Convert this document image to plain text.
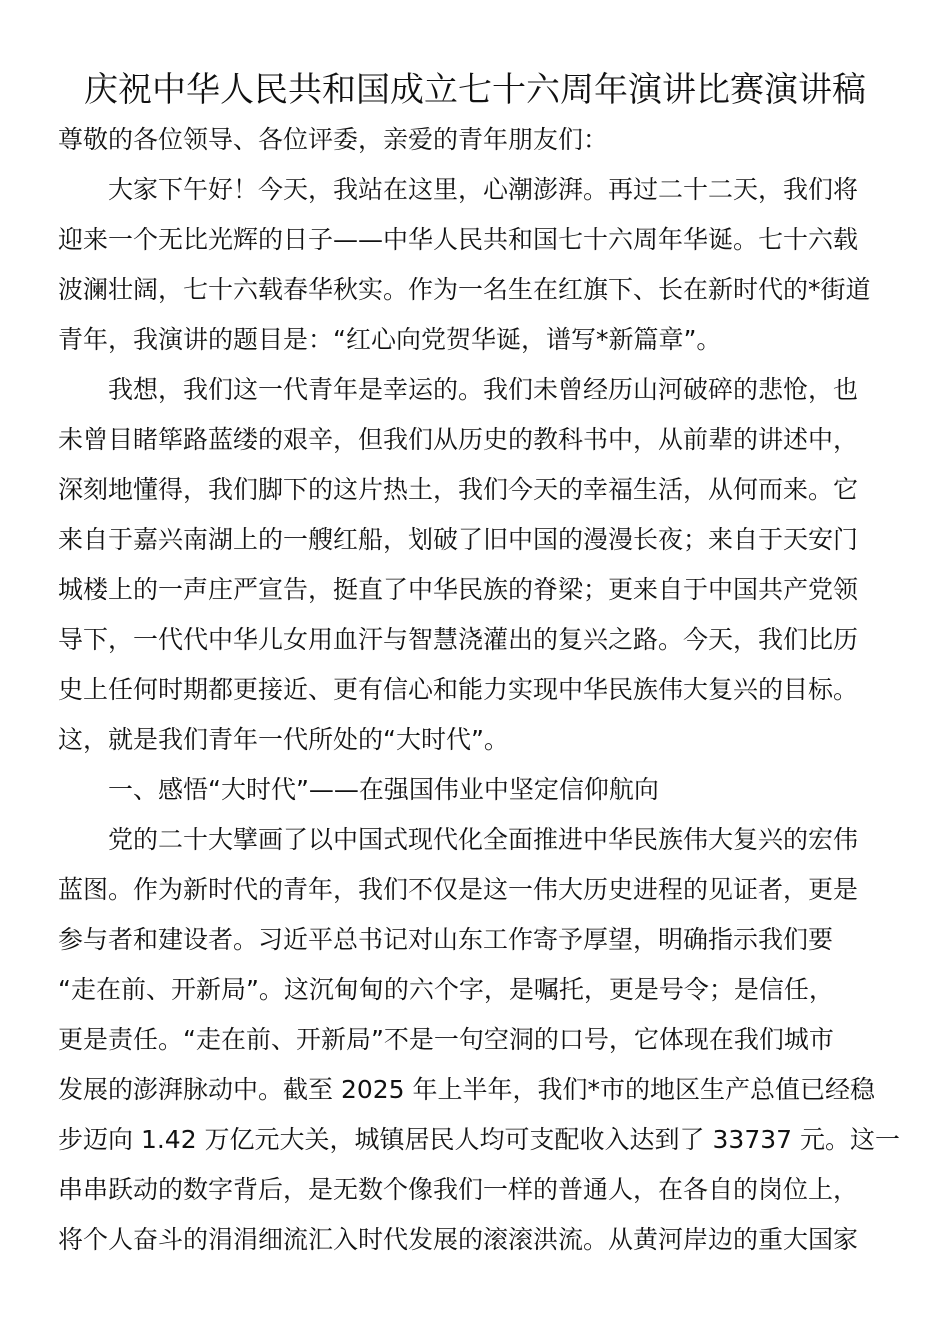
庆祝中华人民共和国成立七十六周年演讲比赛演讲稿

尊敬的各位领导、各位评委，亲爱的青年朋友们：

大家下午好！今天，我站在这里，心潮澎湃。再过二十二天，我们将

迎来一个无比光辉的日子——中华人民共和国七十六周年华诞。七十六载

波澜壮阔，七十六载春华秋实。作为一名生在红旗下、长在新时代的*街道

青年，我演讲的题目是：“红心向党贺华诞，谱写*新篇章”。

我想，我们这一代青年是幸运的。我们未曾经历山河破碎的悲怆，也

未曾目睹筚路蓝缕的艰辛，但我们从历史的教科书中，从前辈的讲述中，

深刻地懂得，我们脚下的这片热土，我们今天的幸福生活，从何而来。它

来自于嘉兴南湖上的一艘红船，划破了旧中国的漫漫长夜；来自于天安门

城楼上的一声庄严宣告，挺直了中华民族的脊梁；更来自于中国共产党领

导下，一代代中华儿女用血汗与智慧浇灌出的复兴之路。今天，我们比历

史上任何时期都更接近、更有信心和能力实现中华民族伟大复兴的目标。

这，就是我们青年一代所处的“大时代”。

一、感悟“大时代”——在强国伟业中坚定信仰航向

党的二十大擘画了以中国式现代化全面推进中华民族伟大复兴的宏伟

蓝图。作为新时代的青年，我们不仅是这一伟大历史进程的见证者，更是

参与者和建设者。习近平总书记对山东工作寄予厚望，明确指示我们要

“走在前、开新局”。这沉甸甸的六个字，是嘱托，更是号令；是信任，

更是责任。“走在前、开新局”不是一句空洞的口号，它体现在我们城市

发展的澎湃脉动中。截至 2025 年上半年，我们*市的地区生产总值已经稳

步迈向 1.42 万亿元大关，城镇居民人均可支配收入达到了 33737 元。这一

串串跃动的数字背后，是无数个像我们一样的普通人，在各自的岗位上，

将个人奋斗的涓涓细流汇入时代发展的滚滚洪流。从黄河岸边的重大国家
